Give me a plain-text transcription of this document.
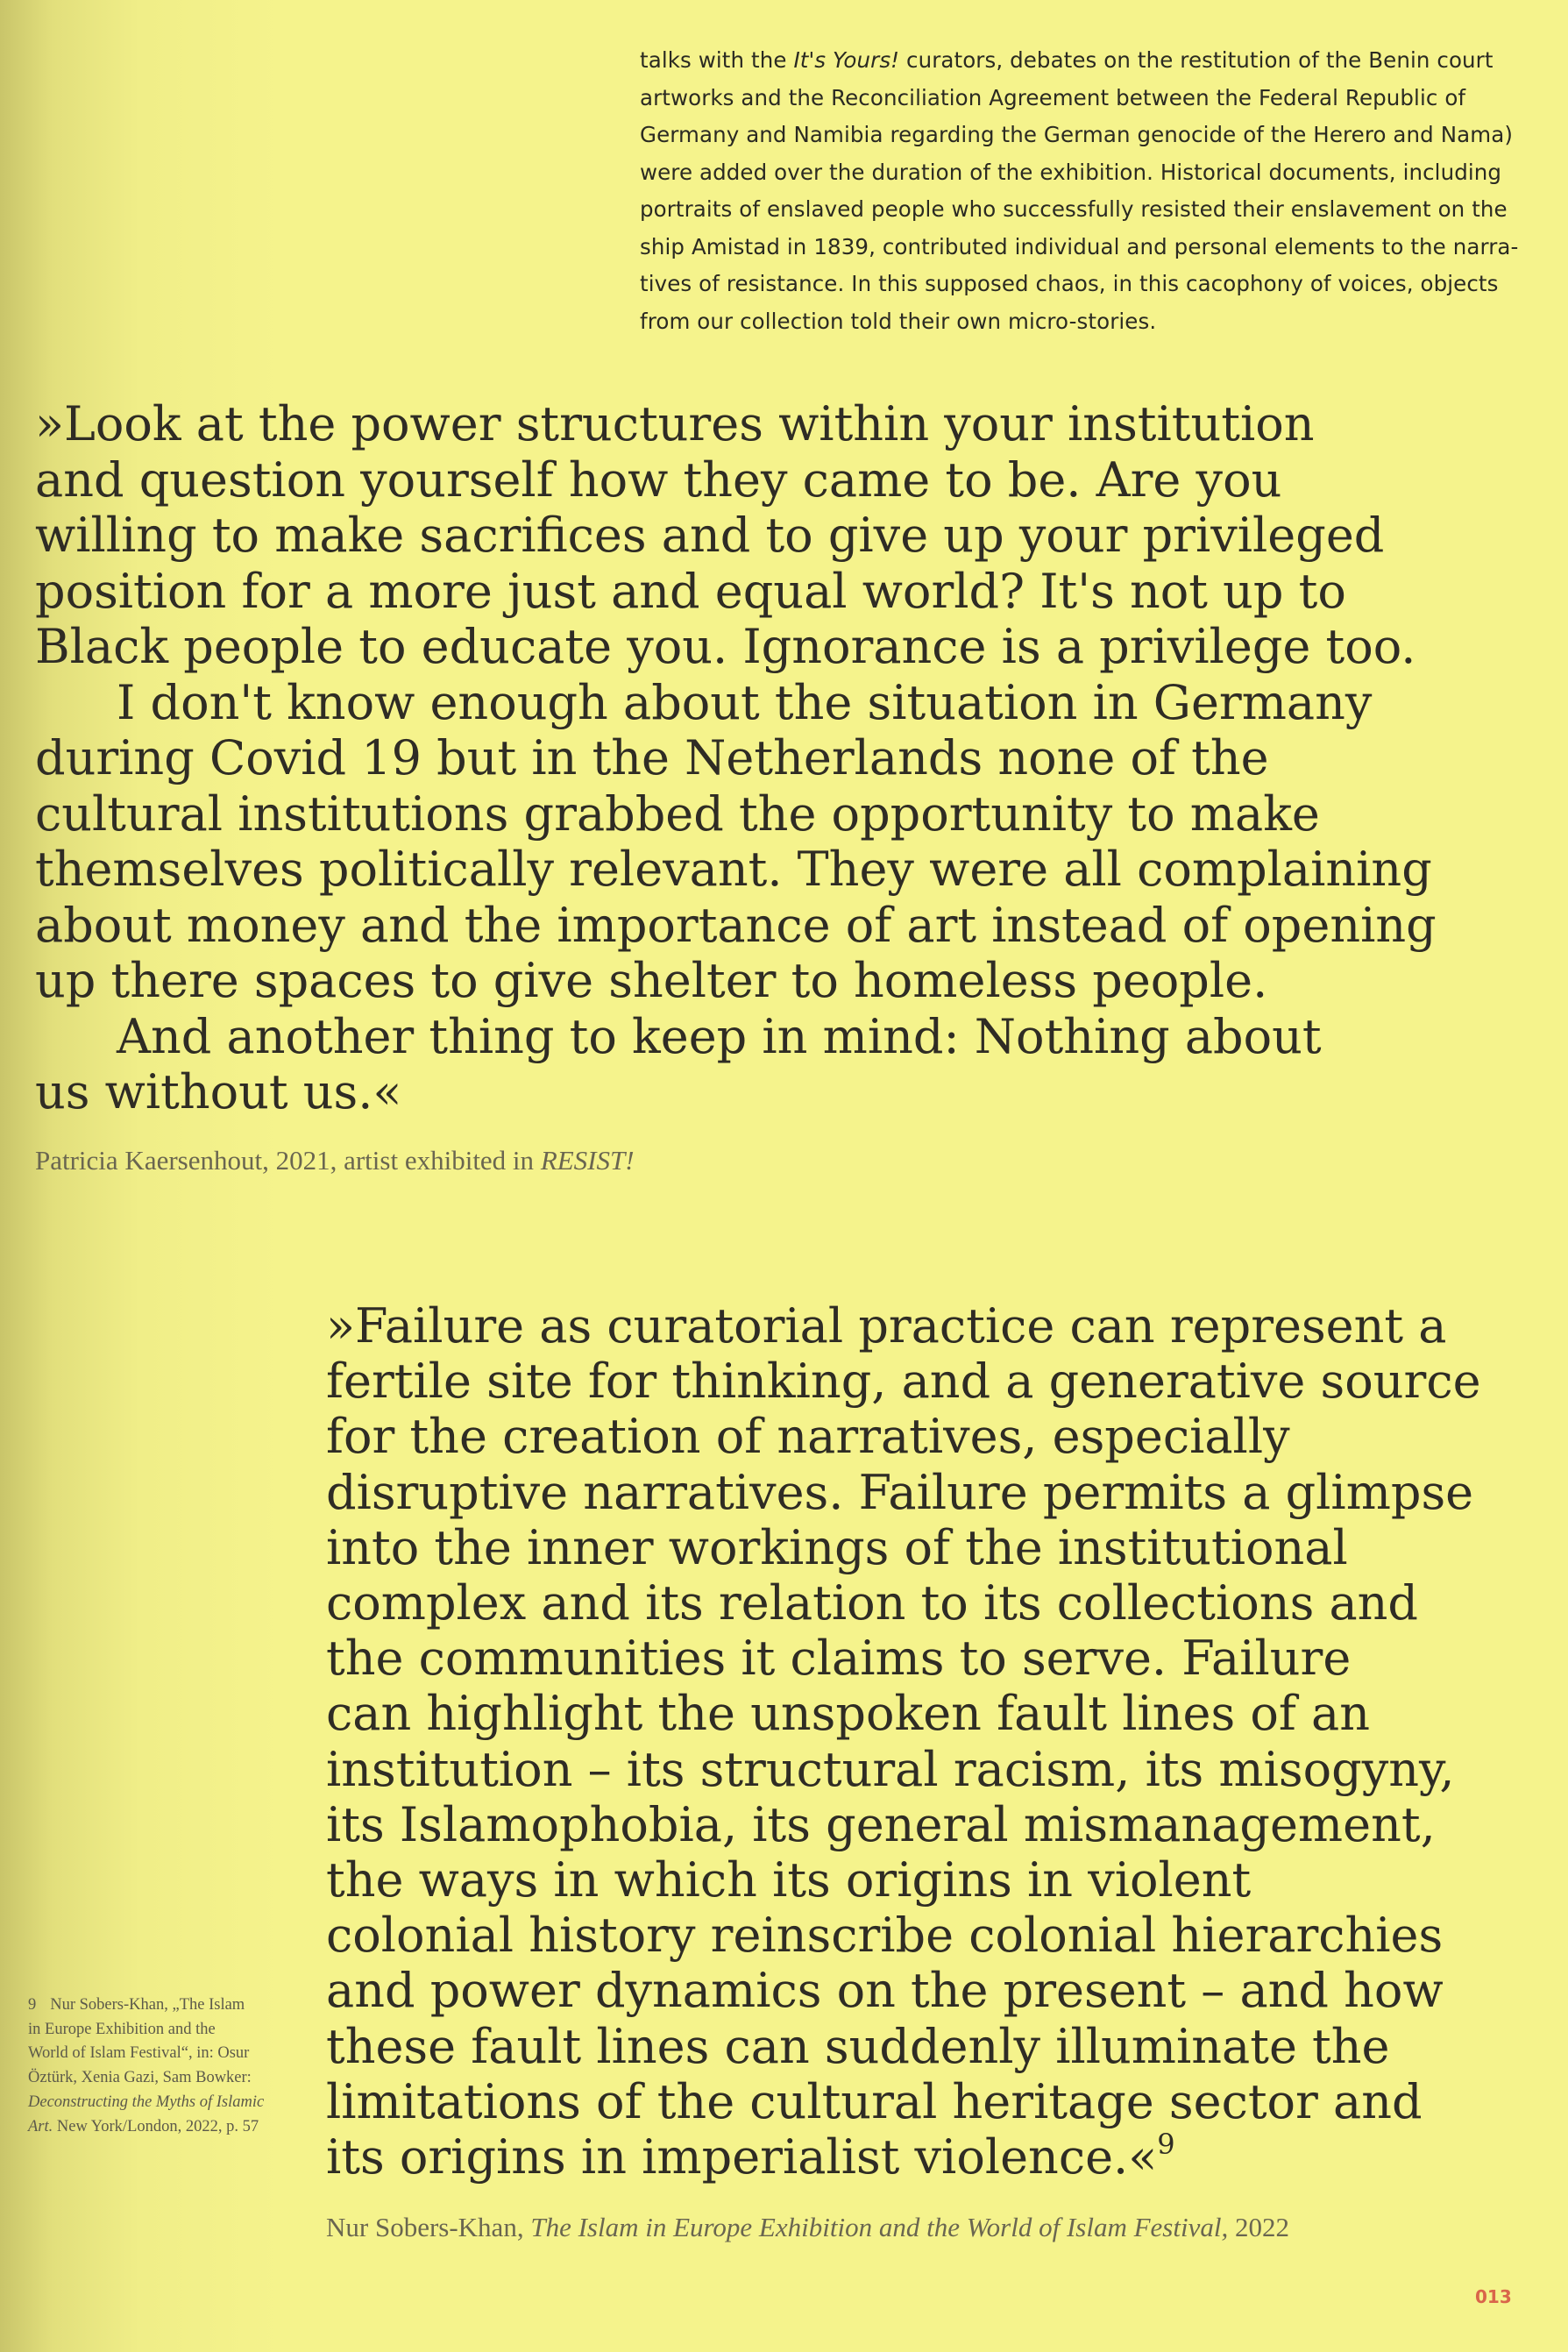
talks with the It's Yours! curators, debates on the restitution of the Benin court
artworks and the Reconciliation Agreement between the Federal Republic of
Germany and Namibia regarding the German genocide of the Herero and Nama)
were added over the duration of the exhibition. Historical documents, including
portraits of enslaved people who successfully resisted their enslavement on the
ship Amistad in 1839, contributed individual and personal elements to the narra-
tives of resistance. In this supposed chaos, in this cacophony of voices, objects
from our collection told their own micro-stories.
»Look at the power structures within your institution
and question yourself how they came to be. Are you
willing to make sacrifices and to give up your privileged
position for a more just and equal world? It's not up to
Black people to educate you. Ignorance is a privilege too.
I don't know enough about the situation in Germany
during Covid 19 but in the Netherlands none of the
cultural institutions grabbed the opportunity to make
themselves politically relevant. They were all complaining
about money and the importance of art instead of opening
up there spaces to give shelter to homeless people.
And another thing to keep in mind: Nothing about
us without us.«
Patricia Kaersenhout, 2021, artist exhibited in RESIST!
9 Nur Sobers-Khan, „The Islam
in Europe Exhibition and the
World of Islam Festival“, in: Osur
Öztürk, Xenia Gazi, Sam Bowker:
Deconstructing the Myths of Islamic
Art. New York/London, 2022, p. 57
»Failure as curatorial practice can represent a
fertile site for thinking, and a generative source
for the creation of narratives, especially
disruptive narratives. Failure permits a glimpse
into the inner workings of the institutional
complex and its relation to its collections and
the communities it claims to serve. Failure
can highlight the unspoken fault lines of an
institution – its structural racism, its misogyny,
its Islamophobia, its general mismanagement,
the ways in which its origins in violent
colonial history reinscribe colonial hierarchies
and power dynamics on the present – and how
these fault lines can suddenly illuminate the
limitations of the cultural heritage sector and
its origins in imperialist violence.«$^9$
Nur Sobers-Khan, The Islam in Europe Exhibition and the World of Islam Festival, 2022
013
